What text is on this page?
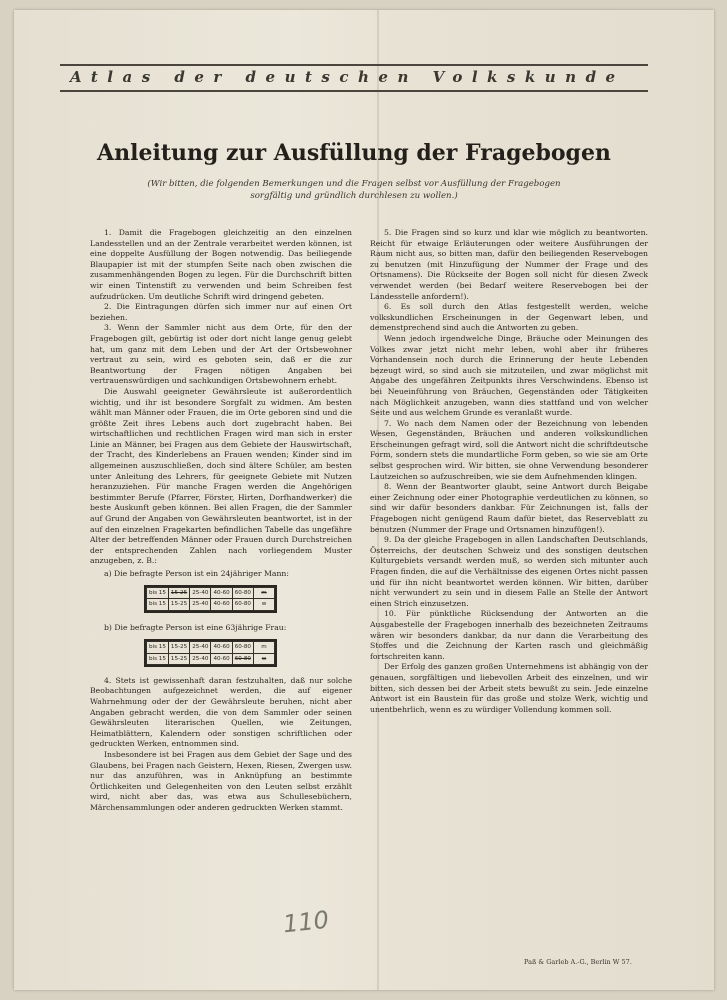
Atlas der deutschen Volkskunde
Anleitung zur Ausfüllung der Fragebogen
(Wir bitten, die folgenden Bemerkungen und die Fragen selbst vor Ausfüllung der Fragebogen
sorgfältig und gründlich durchlesen zu wollen.)

1. Damit die Fragebogen gleichzeitig an den einzelnen Landesstellen und an der Zentrale verarbeitet werden können, ist eine doppelte Ausfüllung der Bogen notwendig. Das beiliegende Blaupapier ist mit der stumpfen Seite nach oben zwischen die zusammenhängenden Bogen zu legen. Für die Durchschrift bitten wir einen Tintenstift zu verwenden und beim Schreiben fest aufzudrücken. Um deutliche Schrift wird dringend gebeten.

2. Die Eintragungen dürfen sich immer nur auf einen Ort beziehen.

3. Wenn der Sammler nicht aus dem Orte, für den der Fragebogen gilt, gebürtig ist oder dort nicht lange genug gelebt hat, um ganz mit dem Leben und der Art der Ortsbewohner vertraut zu sein, wird es geboten sein, daß er die zur Beantwortung der Fragen nötigen Angaben bei vertrauenswürdigen und sachkundigen Ortsbewohnern erhebt.

Die Auswahl geeigneter Gewährsleute ist außerordentlich wichtig, und ihr ist besondere Sorgfalt zu widmen. Am besten wählt man Männer oder Frauen, die im Orte geboren sind und die größte Zeit ihres Lebens auch dort zugebracht haben. Bei wirtschaftlichen und rechtlichen Fragen wird man sich in erster Linie an Männer, bei Fragen aus dem Gebiete der Hauswirtschaft, der Tracht, des Kinderlebens an Frauen wenden; Kinder sind im allgemeinen auszuschließen, doch sind ältere Schüler, am besten unter Anleitung des Lehrers, für geeignete Gebiete mit Nutzen heranzuziehen. Für manche Fragen werden die Angehörigen bestimmter Berufe (Pfarrer, Förster, Hirten, Dorfhandwerker) die beste Auskunft geben können. Bei allen Fragen, die der Sammler auf Grund der Angaben von Gewährsleuten beantwortet, ist in der auf den einzelnen Fragekarten befindlichen Tabelle das ungefähre Alter der betreffenden Männer oder Frauen durch Durchstreichen der entsprechenden Zahlen nach vorliegendem Muster anzugeben, z. B.:

a) Die befragte Person ist ein 24jähriger Mann:

bis 15	15-25	25-40	40-60	60-80	m
bis 15	15-25	25-40	40-60	60-80	w

b) Die befragte Person ist eine 63jährige Frau:

bis 15	15-25	25-40	40-60	60-80	m
bis 15	15-25	25-40	40-60	60-80	w

4. Stets ist gewissenhaft daran festzuhalten, daß nur solche Beobachtungen aufgezeichnet werden, die auf eigener Wahrnehmung oder der der Gewährsleute beruhen, nicht aber Angaben gebracht werden, die von dem Sammler oder seinen Gewährsleuten literarischen Quellen, wie Zeitungen, Heimatblättern, Kalendern oder sonstigen schriftlichen oder gedruckten Werken, entnommen sind.

Insbesondere ist bei Fragen aus dem Gebiet der Sage und des Glaubens, bei Fragen nach Geistern, Hexen, Riesen, Zwergen usw. nur das anzuführen, was in Anknüpfung an bestimmte Örtlichkeiten und Gelegenheiten von den Leuten selbst erzählt wird, nicht aber das, was etwa aus Schullesebüchern, Märchensammlungen oder anderen gedruckten Werken stammt.

5. Die Fragen sind so kurz und klar wie möglich zu beantworten. Reicht für etwaige Erläuterungen oder weitere Ausführungen der Raum nicht aus, so bitten man, dafür den beiliegenden Reservebogen zu benutzen (mit Hinzufügung der Nummer der Frage und des Ortsnamens). Die Rückseite der Bogen soll nicht für diesen Zweck verwendet werden (bei Bedarf weitere Reservebogen bei der Landesstelle anfordern!).

6. Es soll durch den Atlas festgestellt werden, welche volkskundlichen Erscheinungen in der Gegenwart leben, und demenstprechend sind auch die Antworten zu geben.

Wenn jedoch irgendwelche Dinge, Bräuche oder Meinungen des Volkes zwar jetzt nicht mehr leben, wohl aber ihr früheres Vorhandensein noch durch die Erinnerung der heute Lebenden bezeugt wird, so sind auch sie mitzuteilen, und zwar möglichst mit Angabe des ungefähren Zeitpunkts ihres Verschwindens. Ebenso ist bei Neueinführung von Bräuchen, Gegenständen oder Tätigkeiten nach Möglichkeit anzugeben, wann dies stattfand und von welcher Seite und aus welchem Grunde es veranlaßt wurde.

7. Wo nach dem Namen oder der Bezeichnung von lebenden Wesen, Gegenständen, Bräuchen und anderen volkskundlichen Erscheinungen gefragt wird, soll die Antwort nicht die schriftdeutsche Form, sondern stets die mundartliche Form geben, so wie sie am Orte selbst gesprochen wird. Wir bitten, sie ohne Verwendung besonderer Lautzeichen so aufzuschreiben, wie sie dem Aufnehmenden klingen.

8. Wenn der Beantworter glaubt, seine Antwort durch Beigabe einer Zeichnung oder einer Photographie verdeutlichen zu können, so sind wir dafür besonders dankbar. Für Zeichnungen ist, falls der Fragebogen nicht genügend Raum dafür bietet, das Reserveblatt zu benutzen (Nummer der Frage und Ortsnamen hinzufügen!).

9. Da der gleiche Fragebogen in allen Landschaften Deutschlands, Österreichs, der deutschen Schweiz und des sonstigen deutschen Kulturgebiets versandt werden muß, so werden sich mitunter auch Fragen finden, die auf die Verhältnisse des eigenen Ortes nicht passen und für ihn nicht beantwortet werden können. Wir bitten, darüber nicht verwundert zu sein und in diesem Falle an Stelle der Antwort einen Strich einzusetzen.

10. Für pünktliche Rücksendung der Antworten an die Ausgabestelle der Fragebogen innerhalb des bezeichneten Zeitraums wären wir besonders dankbar, da nur dann die Verarbeitung des Stoffes und die Zeichnung der Karten rasch und gleichmäßig fortschreiten kann.

Der Erfolg des ganzen großen Unternehmens ist abhängig von der genauen, sorgfältigen und liebevollen Arbeit des einzelnen, und wir bitten, sich dessen bei der Arbeit stets bewußt zu sein. Jede einzelne Antwort ist ein Baustein für das große und stolze Werk, wichtig und unentbehrlich, wenn es zu würdiger Vollendung kommen soll.

110
Paß & Garleb A.-G., Berlin W 57.
